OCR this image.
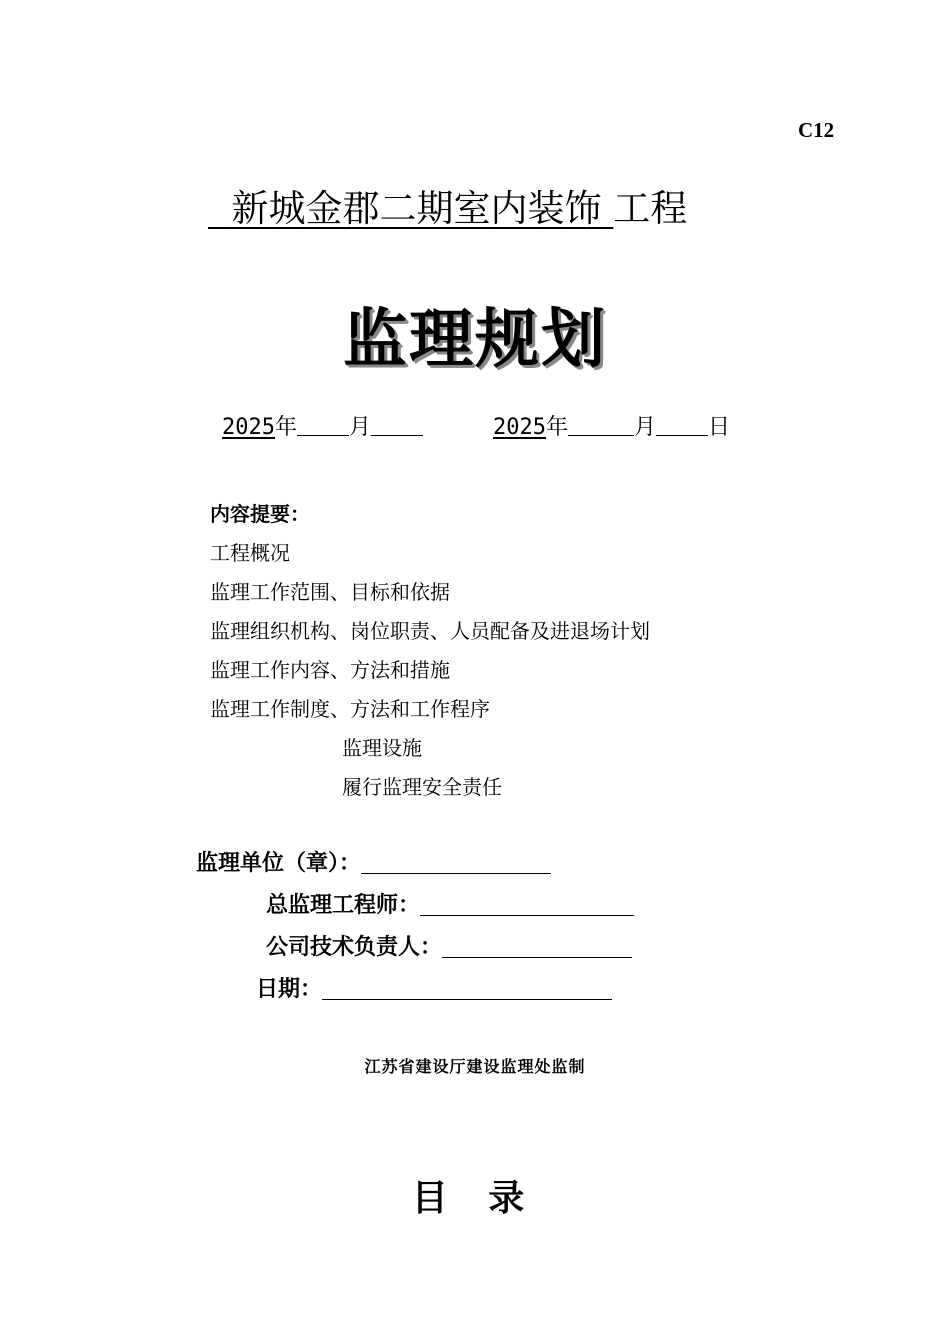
C12
新城金郡二期室内装饰 工程
监理规划
2025年 月	2025年	月 日
内容提要：
工程概况
监理工作范围、目标和依据
监理组织机构、岗位职责、人员配备及进退场计划
监理工作内容、方法和措施
监理工作制度、方法和工作程序
监理设施
履行监理安全责任
监理单位（章）：
总监理工程师：
公司技术负责人：
日期：
江苏省建设厅建设监理处监制
目 录
